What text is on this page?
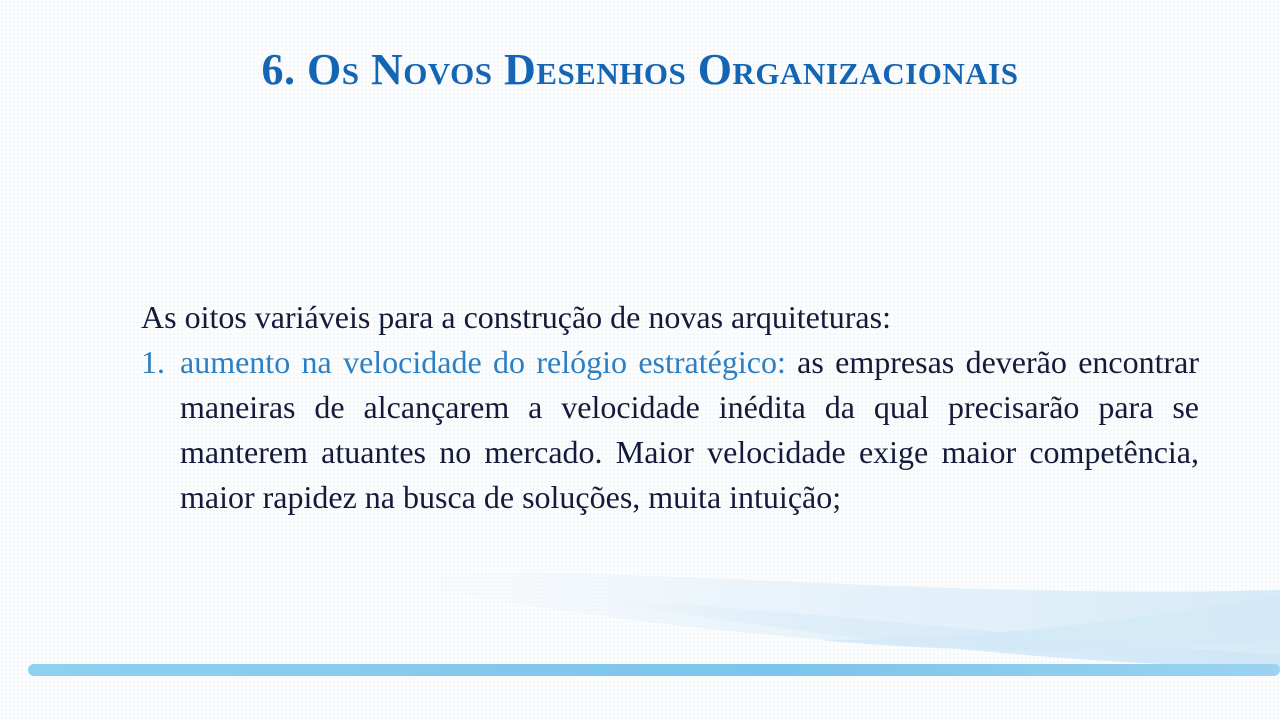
6. Os Novos Desenhos Organizacionais

As oitos variáveis para a construção de novas arquiteturas:

1. aumento na velocidade do relógio estratégico: as empresas deverão encontrar maneiras de alcançarem a velocidade inédita da qual precisarão para se manterem atuantes no mercado. Maior velocidade exige maior competência, maior rapidez na busca de soluções, muita intuição;
